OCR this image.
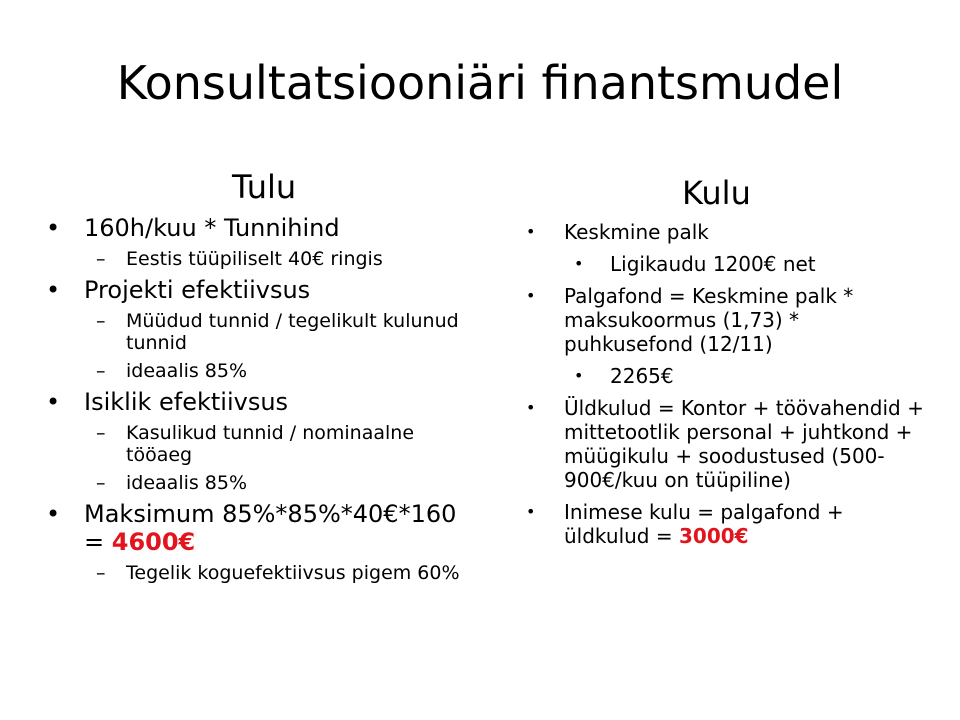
Konsultatsiooniäri finantsmudel
Tulu
• 160h/kuu * Tunnihind
– Eestis tüüpiliselt 40€ ringis
• Projekti efektiivsus
– Müüdud tunnid / tegelikult kulunud tunnid
– ideaalis 85%
• Isiklik efektiivsus
– Kasulikud tunnid / nominaalne tööaeg
– ideaalis 85%
• Maksimum 85%*85%*40€*160 = 4600€
– Tegelik koguefektiivsus pigem 60%
Kulu
• Keskmine palk
• Ligikaudu 1200€ net
• Palgafond = Keskmine palk * maksukoormus (1,73) * puhkusefond (12/11)
• 2265€
• Üldkulud = Kontor + töövahendid + mittetootlik personal + juhtkond + müügikulu + soodustused (500-900€/kuu on tüüpiline)
• Inimese kulu = palgafond + üldkulud = 3000€
